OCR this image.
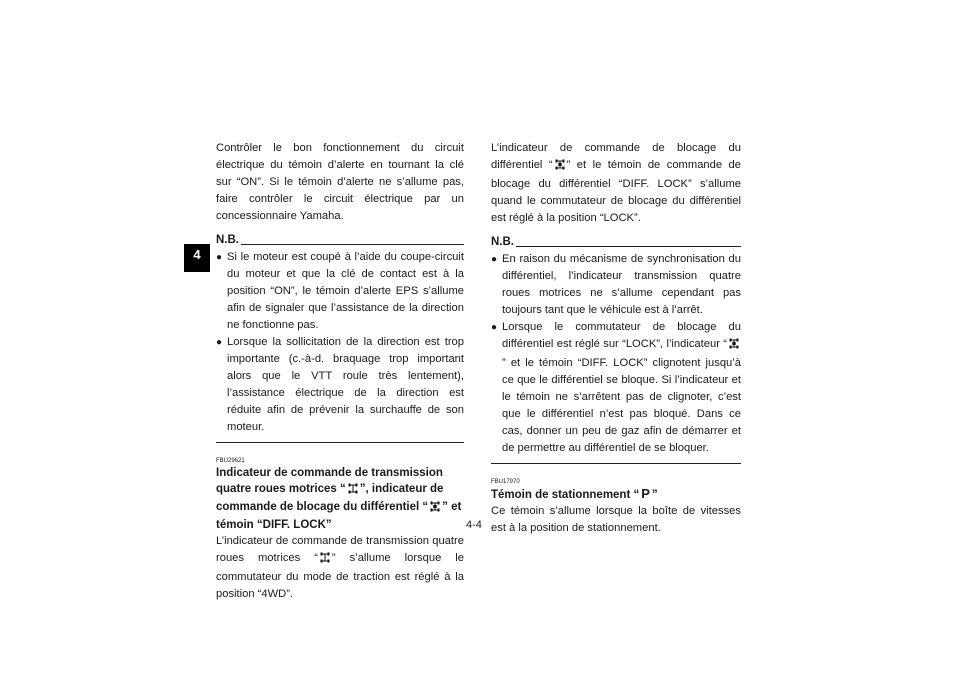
4

Contrôler le bon fonctionnement du circuit électrique du témoin d’alerte en tournant la clé sur “ON”. Si le témoin d’alerte ne s’allume pas, faire contrôler le circuit électrique par un concessionnaire Yamaha.

N.B.
● Si le moteur est coupé à l’aide du coupe-circuit du moteur et que la clé de contact est à la position “ON”, le témoin d’alerte EPS s’allume afin de signaler que l’assistance de la direction ne fonctionne pas.
● Lorsque la sollicitation de la direction est trop importante (c.-à-d. braquage trop important alors que le VTT roule très lentement), l’assistance électrique de la direction est réduite afin de prévenir la surchauffe de son moteur.
FBU29621
Indicateur de commande de transmission quatre roues motrices “ ”, indicateur de commande de blocage du différentiel “ ” et témoin “DIFF. LOCK”

L’indicateur de commande de transmission quatre roues motrices “ ” s’allume lorsque le commutateur du mode de traction est réglé à la position “4WD”.

L’indicateur de commande de blocage du différentiel “ ” et le témoin de commande de blocage du différentiel “DIFF. LOCK” s’allume quand le commutateur de blocage du différentiel est réglé à la position “LOCK”.

N.B.
● En raison du mécanisme de synchronisation du différentiel, l’indicateur transmission quatre roues motrices ne s’allume cependant pas toujours tant que le véhicule est à l’arrêt.
● Lorsque le commutateur de blocage du différentiel est réglé sur “LOCK”, l’indicateur “” et le témoin “DIFF. LOCK” clignotent jusqu’à ce que le différentiel se bloque. Si l’indicateur et le témoin ne s’arrêtent pas de clignoter, c’est que le différentiel n’est pas bloqué. Dans ce cas, donner un peu de gaz afin de démarrer et de permettre au différentiel de se bloquer.
FBU17970
Témoin de stationnement “ P ”

Ce témoin s’allume lorsque la boîte de vitesses est à la position de stationnement.

4-4
